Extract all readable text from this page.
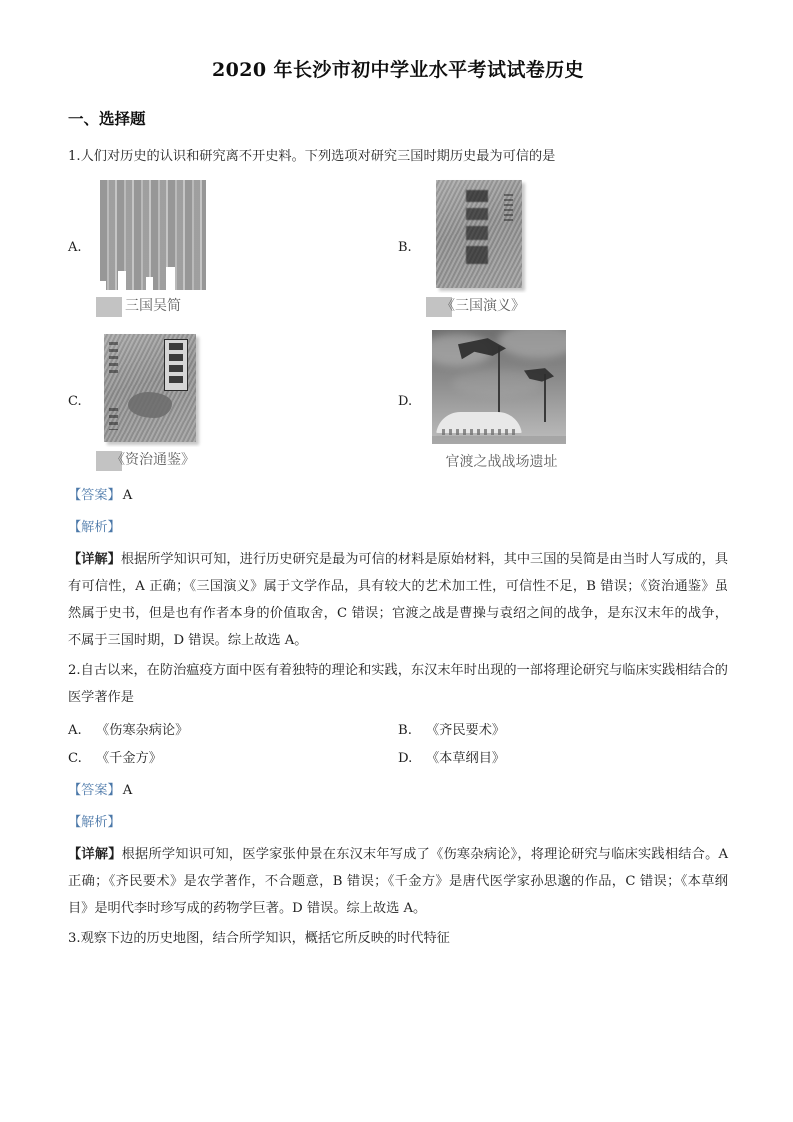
2020 年长沙市初中学业水平考试试卷历史
一、选择题

1.人们对历史的认识和研究离不开史料。下列选项对研究三国时期历史最为可信的是

A.
三国吴简
B.
《三国演义》
C.
《资治通鉴》
D.
官渡之战战场遗址

【答案】 A

【解析】

【详解】根据所学知识可知，进行历史研究是最为可信的材料是原始材料，其中三国的吴简是由当时人写成的，具有可信性，A 正确；《三国演义》属于文学作品，具有较大的艺术加工性，可信性不足，B 错误；《资治通鉴》虽然属于史书，但是也有作者本身的价值取舍，C 错误；官渡之战是曹操与袁绍之间的战争，是东汉末年的战争，不属于三国时期，D 错误。综上故选 A。

2.自古以来，在防治瘟疫方面中医有着独特的理论和实践，东汉末年时出现的一部将理论研究与临床实践相结合的医学著作是

A. 《伤寒杂病论》	B. 《齐民要术》
C. 《千金方》	D. 《本草纲目》

【答案】 A

【解析】

【详解】根据所学知识可知，医学家张仲景在东汉末年写成了《伤寒杂病论》，将理论研究与临床实践相结合。A 正确；《齐民要术》是农学著作，不合题意，B 错误；《千金方》是唐代医学家孙思邈的作品，C 错误；《本草纲目》是明代李时珍写成的药物学巨著。D 错误。综上故选 A。

3.观察下边的历史地图，结合所学知识，概括它所反映的时代特征
